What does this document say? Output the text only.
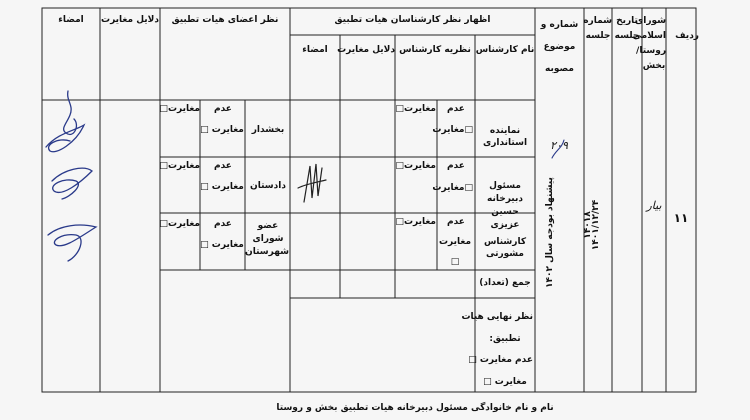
ردیف
شورای
اسلامی
روستا/
بخش
تاریخ
جلسه
شماره
جلسه
شماره و
موضوع
مصوبه
اظهار نظر کارشناسان هیات تطبیق
نام کارشناس
نظریه کارشناس
دلایل مغایرت
امضاء
نظر اعضای هیات تطبیق
دلایل مغایرت
امضاء
۱۱
بیار
۱۴۰۱/۱۲/۲۴
۱۴۰۱۸
۲۰۹
پیشنهاد بودجه سال ۱۴۰۲
نماینده استانداری
مسئول دبیرخانه حسین عزیزی
کارشناس مشورتی
عدم
□مغایرت
مغایرت□
عدم
□مغایرت
مغایرت□
عدم
مغایرت
□
مغایرت□
جمع (تعداد)
بخشدار
دادستان
عضو شورای شهرستان
عدم
مغایرت □
مغایرت□
عدم
مغایرت □
مغایرت□
عدم
مغایرت □
مغایرت□
نظر نهایی هیات
تطبیق:
عدم مغایرت □
مغایرت □
نام و نام خانوادگی مسئول دبیرخانه هیات تطبیق بخش و روستا
